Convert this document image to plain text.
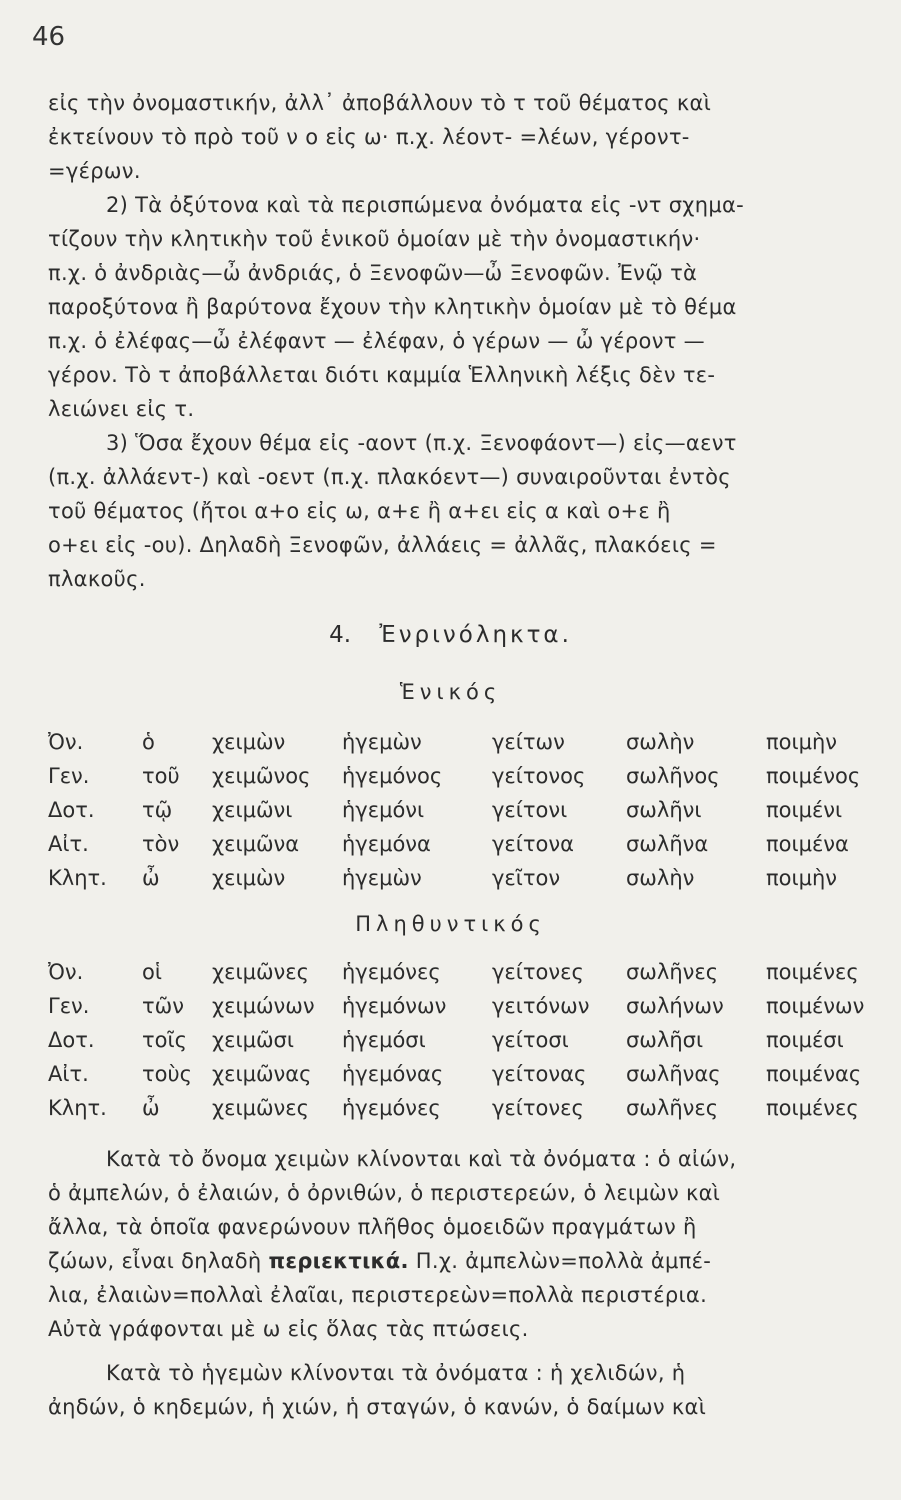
46

εἰς τὴν ὀνομαστικήν, ἀλλ᾽ ἀποβάλλουν τὸ τ τοῦ θέματος καὶ
ἐκτείνουν τὸ πρὸ τοῦ ν ο εἰς ω· π.χ. λέοντ- =λέων, γέροντ-
=γέρων.

2) Τὰ ὀξύτονα καὶ τὰ περισπώμενα ὀνόματα εἰς -ντ σχημα-
τίζουν τὴν κλητικὴν τοῦ ἑνικοῦ ὁμοίαν μὲ τὴν ὀνομαστικήν·
π.χ. ὁ ἀνδριὰς—ὦ ἀνδριάς, ὁ Ξενοφῶν—ὦ Ξενοφῶν. Ἐνῷ τὰ
παροξύτονα ἢ βαρύτονα ἔχουν τὴν κλητικὴν ὁμοίαν μὲ τὸ θέμα
π.χ. ὁ ἐλέφας—ὦ ἐλέφαντ — ἐλέφαν, ὁ γέρων — ὦ γέροντ —
γέρον. Τὸ τ ἀποβάλλεται διότι καμμία Ἑλληνικὴ λέξις δὲν τε-
λειώνει εἰς τ.

3) Ὅσα ἔχουν θέμα εἰς -αοντ (π.χ. Ξενοφάοντ—) εἰς—αεντ
(π.χ. ἀλλάεντ-) καὶ -οεντ (π.χ. πλακόεντ—) συναιροῦνται ἐντὸς
τοῦ θέματος (ἤτοι α+ο εἰς ω, α+ε ἢ α+ει εἰς α καὶ ο+ε ἢ
ο+ει εἰς -ου). Δηλαδὴ Ξενοφῶν, ἀλλάεις = ἀλλᾶς, πλακόεις =
πλακοῦς.

4. Ἐνρινόληκτα.
Ἑνικός
Ὀν.	ὁ	χειμὼν	ἡγεμὼν	γείτων	σωλὴν	ποιμὴν
Γεν.	τοῦ χειμῶνος ἡγεμόνος γείτονος σωλῆνος ποιμένος
Δοτ. τῷ χειμῶνι ἡγεμόνι	γείτονι	σωλῆνι	ποιμένι
Αἰτ.	τὸν χειμῶνα ἡγεμόνα	γείτονα σωλῆνα	ποιμένα
Κλητ. ὦ χειμὼν	ἡγεμὼν	γεῖτον	σωλὴν	ποιμὴν
Πληθυντικός
Ὀν.	οἱ χειμῶνες ἡγεμόνες γείτονες σωλῆνες ποιμένες
Γεν.	τῶν χειμώνων ἡγεμόνων γειτόνων σωλήνων ποιμένων
Δοτ. τοῖς χειμῶσι ἡγεμόσι	γείτοσι	σωλῆσι	ποιμέσι
Αἰτ.	τοὺς χειμῶνας ἡγεμόνας γείτονας σωλῆνας ποιμένας
Κλητ. ὦ χειμῶνες ἡγεμόνες γείτονες σωλῆνες ποιμένες

Κατὰ τὸ ὄνομα χειμὼν κλίνονται καὶ τὰ ὀνόματα : ὁ αἰών,
ὁ ἀμπελών, ὁ ἐλαιών, ὁ ὀρνιθών, ὁ περιστερεών, ὁ λειμὼν καὶ
ἄλλα, τὰ ὁποῖα φανερώνουν πλῆθος ὁμοειδῶν πραγμάτων ἢ
ζώων, εἶναι δηλαδὴ περιεκτικά. Π.χ. ἀμπελὼν=πολλὰ ἀμπέ-
λια, ἐλαιὼν=πολλαὶ ἐλαῖαι, περιστερεὼν=πολλὰ περιστέρια.
Αὐτὰ γράφονται μὲ ω εἰς ὅλας τὰς πτώσεις.

Κατὰ τὸ ἡγεμὼν κλίνονται τὰ ὀνόματα : ἡ χελιδών, ἡ
ἀηδών, ὁ κηδεμών, ἡ χιών, ἡ σταγών, ὁ κανών, ὁ δαίμων καὶ
